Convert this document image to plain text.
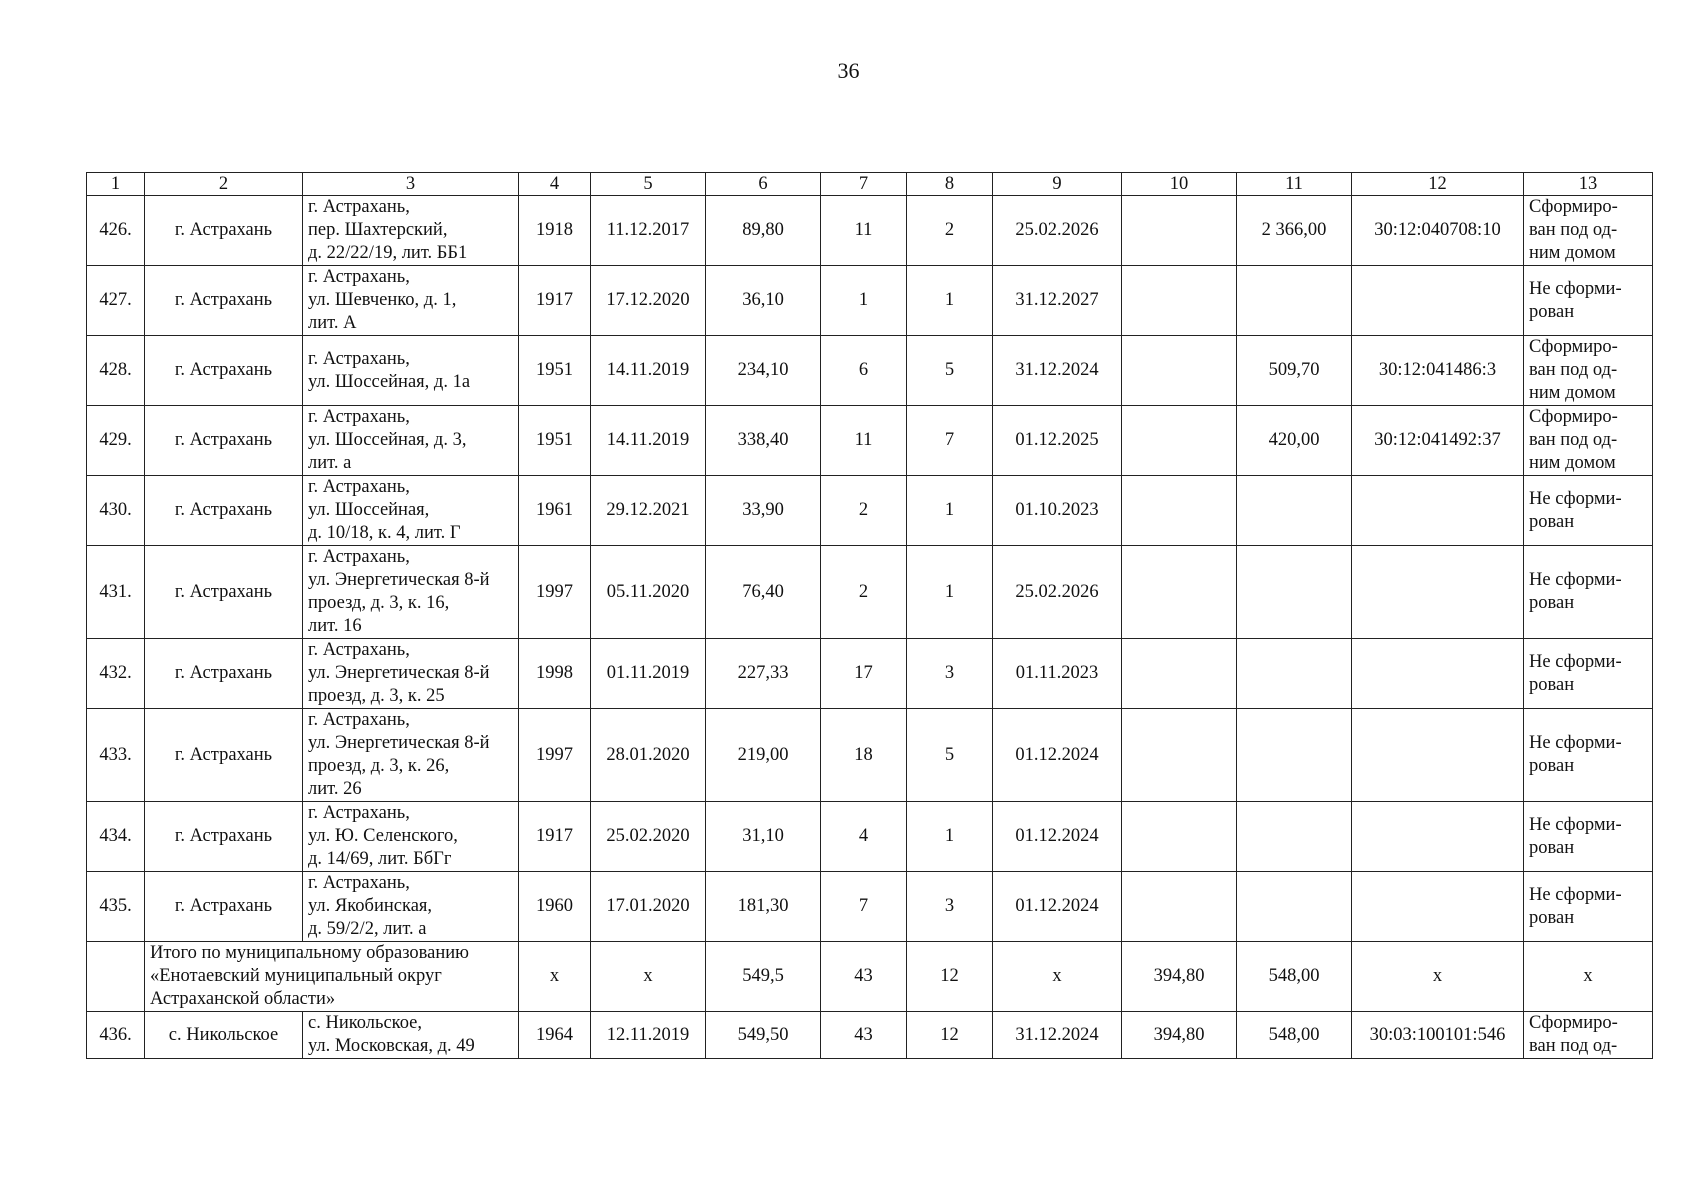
36
1	2	3	4	5	6	7	8	9	10	11	12	13
426.	г. Астрахань	г. Астрахань,
пер. Шахтерский,
д. 22/22/19, лит. ББ1	1918	11.12.2017	89,80	11	2	25.02.2026		2 366,00	30:12:040708:10	Сформиро-
ван под од-
ним домом

427.	г. Астрахань	г. Астрахань,
ул. Шевченко, д. 1,
лит. А	1917	17.12.2020	36,10	1	1	31.12.2027				Не сформи-
рован

428.	г. Астрахань	г. Астрахань,
ул. Шоссейная, д. 1а	1951	14.11.2019	234,10	6	5	31.12.2024		509,70	30:12:041486:3	Сформиро-
ван под од-
ним домом

429.	г. Астрахань	г. Астрахань,
ул. Шоссейная, д. 3,
лит. а	1951	14.11.2019	338,40	11	7	01.12.2025		420,00	30:12:041492:37	Сформиро-
ван под од-
ним домом

430.	г. Астрахань	г. Астрахань,
ул. Шоссейная,
д. 10/18, к. 4, лит. Г	1961	29.12.2021	33,90	2	1	01.10.2023				Не сформи-
рован

431.	г. Астрахань	г. Астрахань,
ул. Энергетическая 8-й
проезд, д. 3, к. 16,
лит. 16	1997	05.11.2020	76,40	2	1	25.02.2026				Не сформи-
рован

432.	г. Астрахань	г. Астрахань,
ул. Энергетическая 8-й
проезд, д. 3, к. 25	1998	01.11.2019	227,33	17	3	01.11.2023				Не сформи-
рован

433.	г. Астрахань	г. Астрахань,
ул. Энергетическая 8-й
проезд, д. 3, к. 26,
лит. 26	1997	28.01.2020	219,00	18	5	01.12.2024				Не сформи-
рован

434.	г. Астрахань	г. Астрахань,
ул. Ю. Селенского,
д. 14/69, лит. БбГг	1917	25.02.2020	31,10	4	1	01.12.2024				Не сформи-
рован

435.	г. Астрахань	г. Астрахань,
ул. Якобинская,
д. 59/2/2, лит. а	1960	17.01.2020	181,30	7	3	01.12.2024				Не сформи-
рован

	Итого по муниципальному образованию
«Енотаевский муниципальный округ
Астраханской области»		х	х	549,5	43	12	х	394,80	548,00	х	х
436.	с. Никольское	с. Никольское,
ул. Московская, д. 49	1964	12.11.2019	549,50	43	12	31.12.2024	394,80	548,00	30:03:100101:546	Сформиро-
ван под од-
